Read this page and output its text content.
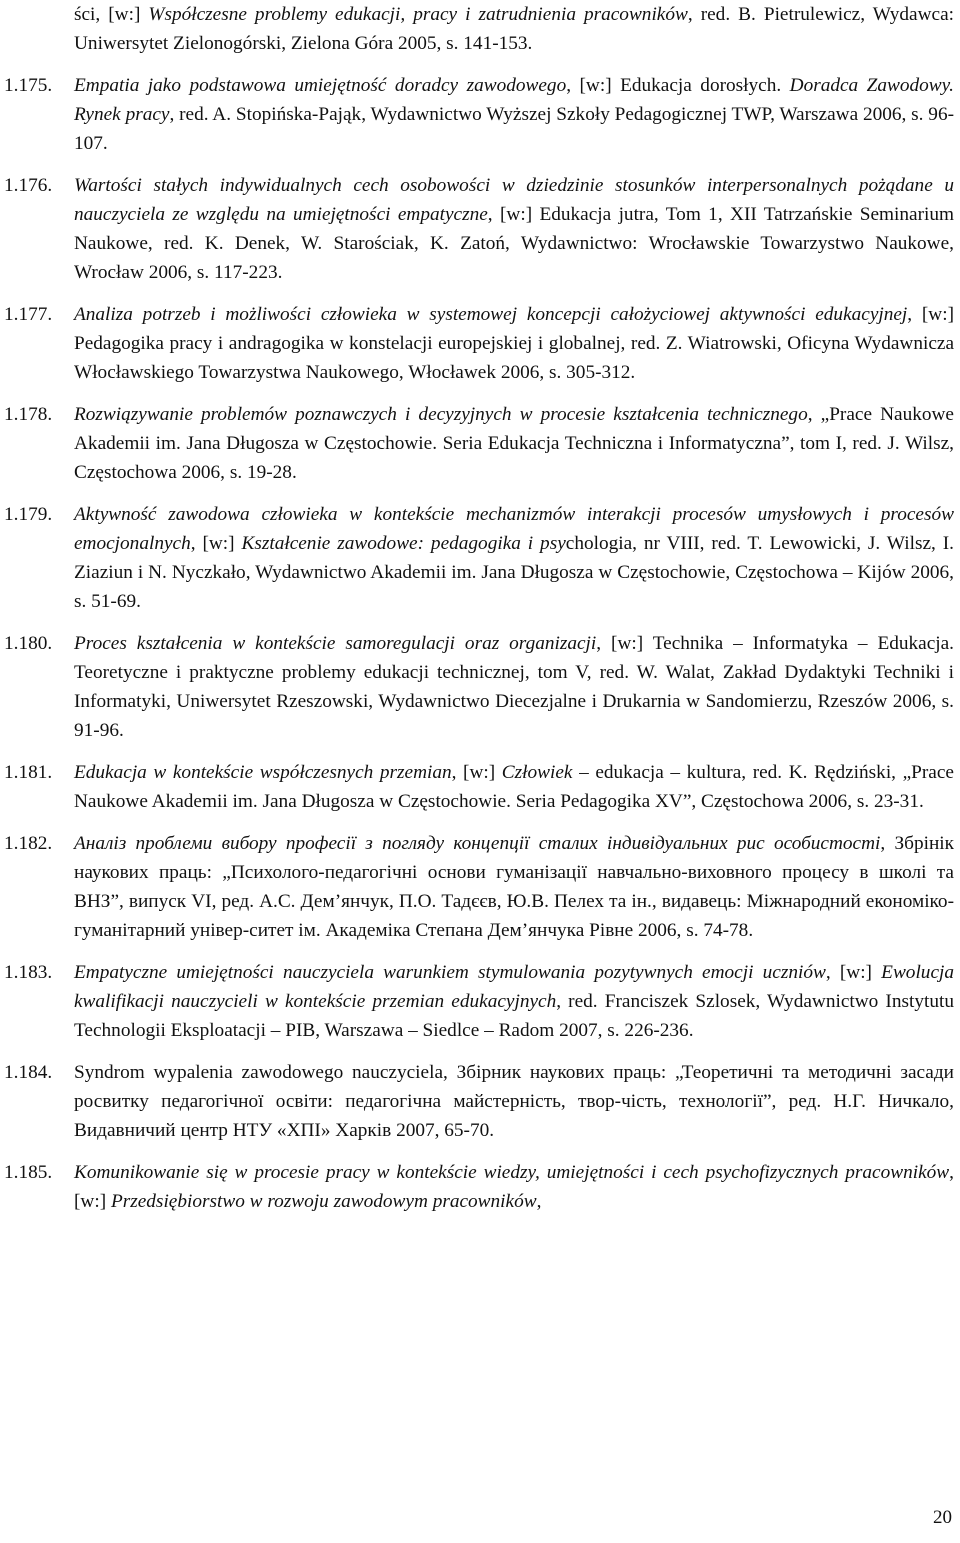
ści, [w:] Współczesne problemy edukacji, pracy i zatrudnienia pracowników, red. B. Pietrulewicz, Wydawca: Uniwersytet Zielonogórski, Zielona Góra 2005, s. 141-153.
1.175.	Empatia jako podstawowa umiejętność doradcy zawodowego, [w:] Edukacja dorosłych. Doradca Zawodowy. Rynek pracy, red. A. Stopińska-Pająk, Wydawnictwo Wyższej Szkoły Pedagogicznej TWP, Warszawa 2006, s. 96-107.
1.176.	Wartości stałych indywidualnych cech osobowości w dziedzinie stosunków interpersonalnych pożądane u nauczyciela ze względu na umiejętności empatyczne, [w:] Edukacja jutra, Tom 1, XII Tatrzańskie Seminarium Naukowe, red. K. Denek, W. Starościak, K. Zatoń, Wydawnictwo: Wrocławskie Towarzystwo Naukowe, Wrocław 2006, s. 117-223.
1.177.	Analiza potrzeb i możliwości człowieka w systemowej koncepcji całożyciowej aktywności edukacyjnej, [w:] Pedagogika pracy i andragogika w konstelacji europejskiej i globalnej, red. Z. Wiatrowski, Oficyna Wydawnicza Włocławskiego Towarzystwa Naukowego, Włocławek 2006, s. 305-312.
1.178.	Rozwiązywanie problemów poznawczych i decyzyjnych w procesie kształcenia technicznego, „Prace Naukowe Akademii im. Jana Długosza w Częstochowie. Seria Edukacja Techniczna i Informatyczna”, tom I, red. J. Wilsz, Częstochowa 2006, s. 19-28.
1.179.	Aktywność zawodowa człowieka w kontekście mechanizmów interakcji procesów umysłowych i procesów emocjonalnych, [w:] Kształcenie zawodowe: pedagogika i psychologia, nr VIII, red. T. Lewowicki, J. Wilsz, I. Ziaziun i N. Nyczkało, Wydawnictwo Akademii im. Jana Długosza w Częstochowie, Częstochowa – Kijów 2006, s. 51-69.
1.180.	Proces kształcenia w kontekście samoregulacji oraz organizacji, [w:] Technika – Informatyka – Edukacja. Teoretyczne i praktyczne problemy edukacji technicznej, tom V, red. W. Walat, Zakład Dydaktyki Techniki i Informatyki, Uniwersytet Rzeszowski, Wydawnictwo Diecezjalne i Drukarnia w Sandomierzu, Rzeszów 2006, s. 91-96.
1.181.	Edukacja w kontekście współczesnych przemian, [w:] Człowiek – edukacja – kultura, red. K. Rędziński, „Prace Naukowe Akademii im. Jana Długosza w Częstochowie. Seria Pedagogika XV”, Częstochowa 2006, s. 23-31.
1.182.	Аналіз проблеми вибору професії з погляду концепції сталих індивідуальних рис особистості, Збрінік наукових праць: „Психолого-педагогічні основи гуманізації навчально-виховного процесу в школі та ВНЗ”, випуск VI, ред. А.С. Дем’янчук, П.О. Тадєєв, Ю.В. Пелех та ін., видавець: Міжнародний економіко-гуманітарний універ-ситет ім. Академіка Степана Дем’янчука Рівне 2006, s. 74-78.
1.183.	Empatyczne umiejętności nauczyciela warunkiem stymulowania pozytywnych emocji uczniów, [w:] Ewolucja kwalifikacji nauczycieli w kontekście przemian edukacyjnych, red. Franciszek Szlosek, Wydawnictwo Instytutu Technologii Eksploatacji – PIB, Warszawa – Siedlce – Radom 2007, s. 226-236.
1.184.	Syndrom wypalenia zawodowego nauczyciela, Збірник наукових праць: „Теоретичні та методичні засади росвитку педагогічної освіти: педагогічна майстерність, твор-чість, технології”, ред. Н.Г. Ничкало, Видавничий центр НТУ «ХПІ» Харків 2007, 65-70.
1.185.	Komunikowanie się w procesie pracy w kontekście wiedzy, umiejętności i cech psychofizycznych pracowników, [w:] Przedsiębiorstwo w rozwoju zawodowym pracowników,
20
